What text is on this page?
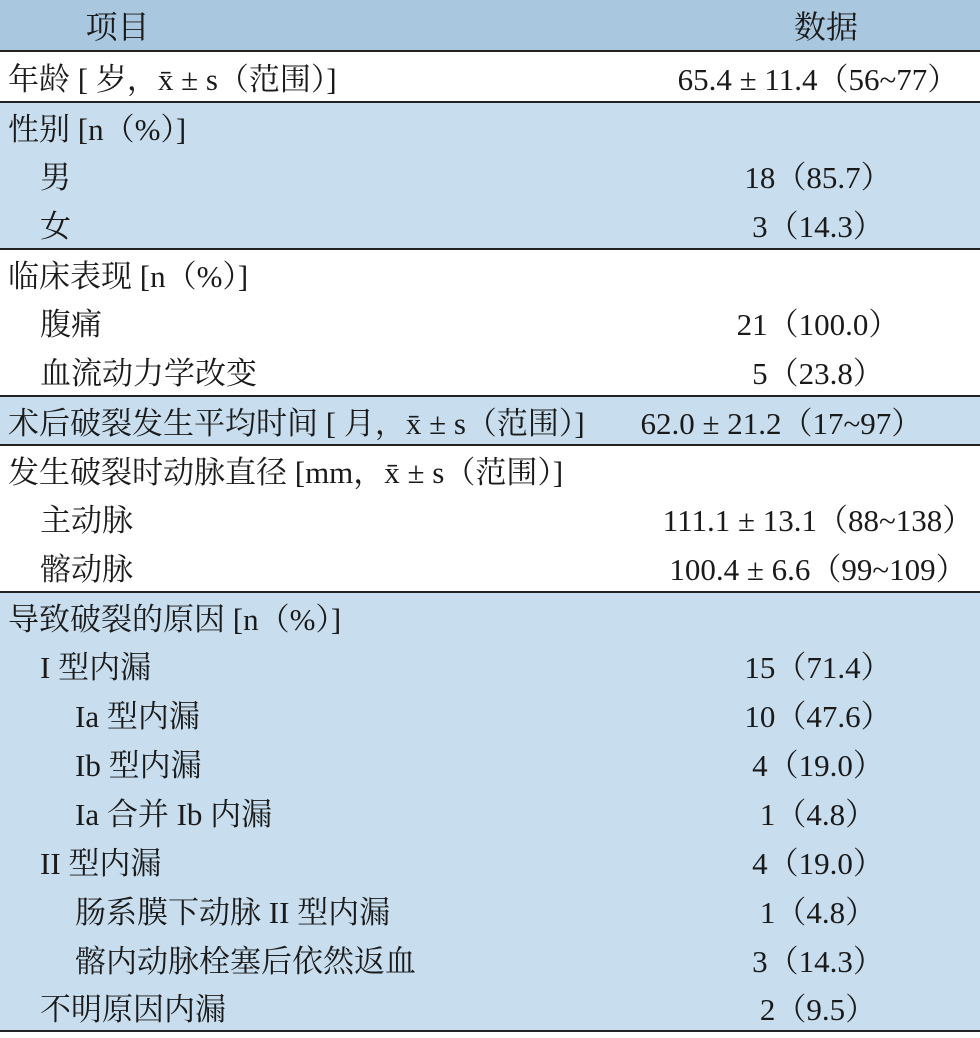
项目	数据
年龄 [ 岁，x̄ ± s（范围）]	65.4 ± 11.4（56~77）
性别 [n（%）]
男	18（85.7）
女	3（14.3）
临床表现 [n（%）]
腹痛	21（100.0）
血流动力学改变	5（23.8）
术后破裂发生平均时间 [ 月，x̄ ± s（范围）]	62.0 ± 21.2（17~97）
发生破裂时动脉直径 [mm，x̄ ± s（范围）]
主动脉	111.1 ± 13.1（88~138）
髂动脉	100.4 ± 6.6（99~109）
导致破裂的原因 [n（%）]
I 型内漏	15（71.4）
Ia 型内漏	10（47.6）
Ib 型内漏	4（19.0）
Ia 合并 Ib 内漏	1（4.8）
II 型内漏	4（19.0）
肠系膜下动脉 II 型内漏	1（4.8）
髂内动脉栓塞后依然返血	3（14.3）
不明原因内漏	2（9.5）
